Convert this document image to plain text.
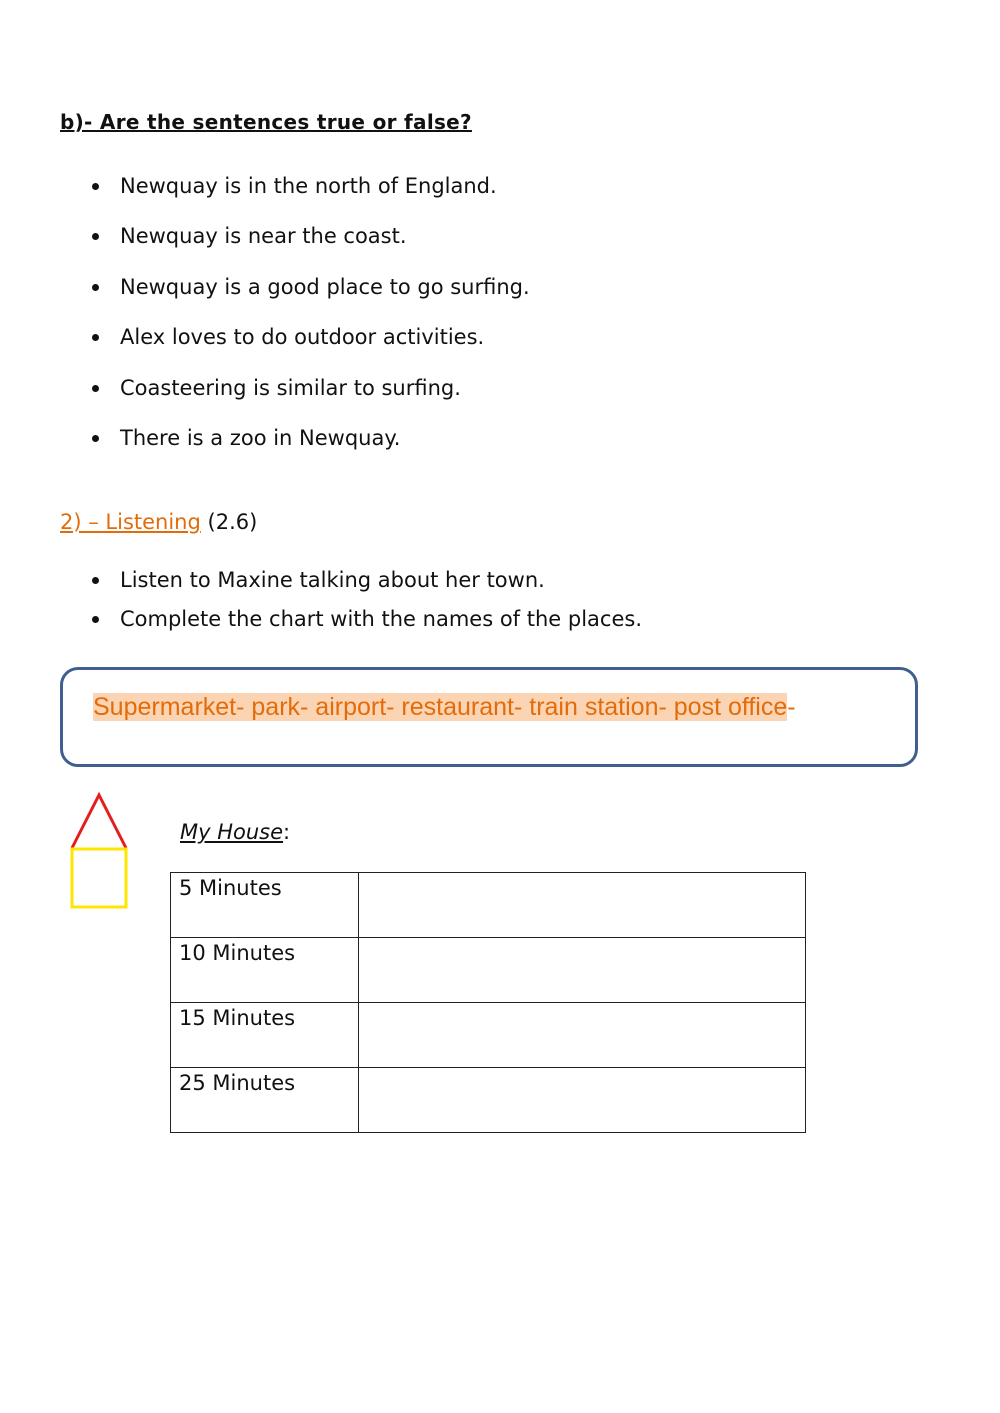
b)- Are the sentences true or false?
Newquay is in the north of England.
Newquay is near the coast.
Newquay is a good place to go surfing.
Alex loves to do outdoor activities.
Coasteering is similar to surfing.
There is a zoo in Newquay.
2) – Listening (2.6)
Listen to Maxine talking about her town.
Complete the chart with the names of the places.
Supermarket- park- airport- restaurant- train station- post office-
My House:
5 Minutes	
10 Minutes	
15 Minutes	
25 Minutes	
